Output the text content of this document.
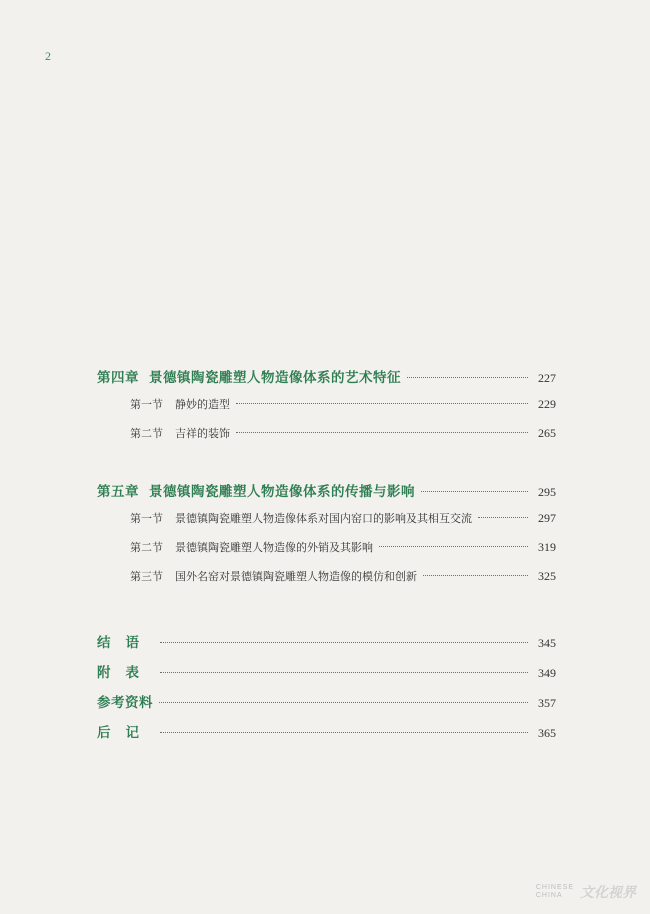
2
第四章 景德镇陶瓷雕塑人物造像体系的艺术特征	227
第一节 静妙的造型	229
第二节 吉祥的装饰	265
第五章 景德镇陶瓷雕塑人物造像体系的传播与影响	295
第一节 景德镇陶瓷雕塑人物造像体系对国内窑口的影响及其相互交流	297
第二节 景德镇陶瓷雕塑人物造像的外销及其影响	319
第三节 国外名窑对景德镇陶瓷雕塑人物造像的模仿和创新	325
结语	345
附表	349
参考资料	357
后记	365
CHINESE
CHINA	文化视界
